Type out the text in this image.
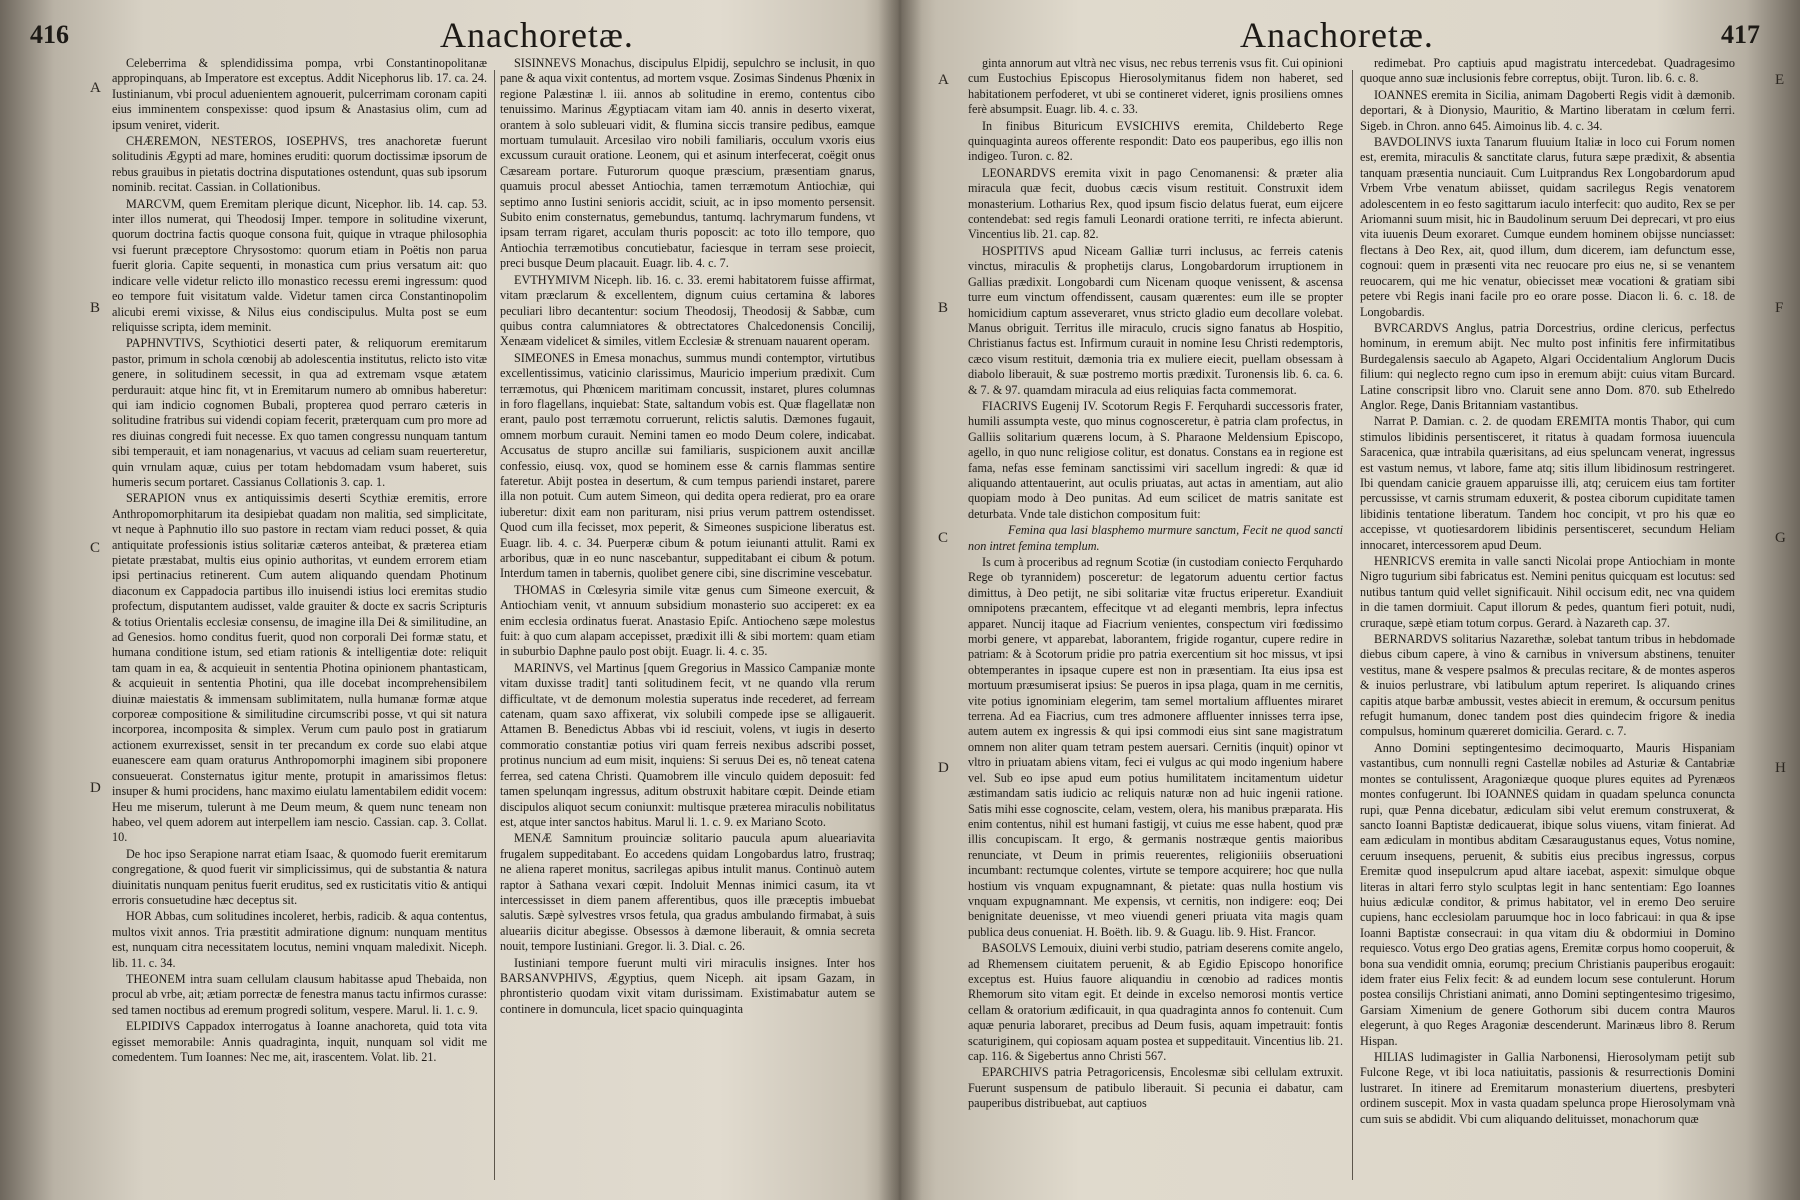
416	Anachoretæ.
A
B
C
D

Celeberrima & splendidissima pompa, vrbi Constantinopolitanæ appropinquans, ab Imperatore est exceptus. Addit Nicephorus lib. 17. ca. 24. Iustinianum, vbi procul aduenientem agnouerit, pulcerrimam coronam capiti eius imminentem conspexisse: quod ipsum & Anastasius olim, cum ad ipsum veniret, viderit.

CHÆREMON, NESTEROS, IOSEPHVS, tres anachoretæ fuerunt solitudinis Ægypti ad mare, homines eruditi: quorum doctissimæ ipsorum de rebus grauibus in pietatis doctrina disputationes ostendunt, quas sub ipsorum nominib. recitat. Cassian. in Collationibus.

MARCVM, quem Eremitam plerique dicunt, Nicephor. lib. 14. cap. 53. inter illos numerat, qui Theodosij Imper. tempore in solitudine vixerunt, quorum doctrina factis quoque consona fuit, quique in vtraque philosophia vsi fuerunt præceptore Chrysostomo: quorum etiam in Poëtis non parua fuerit gloria. Capite sequenti, in monastica cum prius versatum ait: quo indicare velle videtur relicto illo monastico recessu eremi ingressum: quod eo tempore fuit visitatum valde. Videtur tamen circa Constantinopolim alicubi eremi vixisse, & Nilus eius condiscipulus. Multa post se eum reliquisse scripta, idem meminit.

PAPHNVTIVS, Scythiotici deserti pater, & reliquorum eremitarum pastor, primum in schola cœnobij ab adolescentia institutus, relicto isto vitæ genere, in solitudinem secessit, in qua ad extremam vsque ætatem perdurauit: atque hinc fit, vt in Eremitarum numero ab omnibus haberetur: qui iam indicio cognomen Bubali, propterea quod perraro cæteris in solitudine fratribus sui videndi copiam fecerit, præterquam cum pro more ad res diuinas congredi fuit necesse. Ex quo tamen congressu nunquam tantum sibi temperauit, et iam nonagenarius, vt vacuus ad celiam suam reuerteretur, quin vrnulam aquæ, cuius per totam hebdomadam vsum haberet, suis humeris secum portaret. Cassianus Collationis 3. cap. 1.

SERAPION vnus ex antiquissimis deserti Scythiæ eremitis, errore Anthropomorphitarum ita desipiebat quadam non malitia, sed simplicitate, vt neque à Paphnutio illo suo pastore in rectam viam reduci posset, & quia antiquitate professionis istius solitariæ cæteros anteibat, & præterea etiam pietate præstabat, multis eius opinio authoritas, vt eundem errorem etiam ipsi pertinacius retinerent. Cum autem aliquando quendam Photinum diaconum ex Cappadocia partibus illo inuisendi istius loci eremitas studio profectum, disputantem audisset, valde grauiter & docte ex sacris Scripturis & totius Orientalis ecclesiæ consensu, de imagine illa Dei & similitudine, an ad Genesios. homo conditus fuerit, quod non corporali Dei formæ statu, et humana conditione istum, sed etiam rationis & intelligentiæ dote: reliquit tam quam in ea, & acquieuit in sententia Photina opinionem phantasticam, & acquieuit in sententia Photini, qua ille docebat incomprehensibilem diuinæ maiestatis & immensam sublimitatem, nulla humanæ formæ atque corporeæ compositione & similitudine circumscribi posse, vt qui sit natura incorporea, incomposita & simplex. Verum cum paulo post in gratiarum actionem exurrexisset, sensit in ter precandum ex corde suo elabi atque euanescere eam quam oraturus Anthropomorphi imaginem sibi proponere consueuerat. Consternatus igitur mente, protupit in amarissimos fletus: insuper & humi procidens, hanc maximo eiulatu lamentabilem edidit vocem: Heu me miserum, tulerunt à me Deum meum, & quem nunc teneam non habeo, vel quem adorem aut interpellem iam nescio. Cassian. cap. 3. Collat. 10.

De hoc ipso Serapione narrat etiam Isaac, & quomodo fuerit eremitarum congregatione, & quod fuerit vir simplicissimus, qui de substantia & natura diuinitatis nunquam penitus fuerit eruditus, sed ex rusticitatis vitio & antiqui erroris consuetudine hæc deceptus sit.

HOR Abbas, cum solitudines incoleret, herbis, radicib. & aqua contentus, multos vixit annos. Tria præstitit admiratione dignum: nunquam mentitus est, nunquam citra necessitatem locutus, nemini vnquam maledixit. Niceph. lib. 11. c. 34.

THEONEM intra suam cellulam clausum habitasse apud Thebaida, non procul ab vrbe, ait; ætiam porrectæ de fenestra manus tactu infirmos curasse: sed tamen noctibus ad eremum progredi solitum, vespere. Marul. li. 1. c. 9.

ELPIDIVS Cappadox interrogatus à Ioanne anachoreta, quid tota vita egisset memorabile: Annis quadraginta, inquit, nunquam sol vidit me comedentem. Tum Ioannes: Nec me, ait, irascentem. Volat. lib. 21.

SISINNEVS Monachus, discipulus Elpidij, sepulchro se inclusit, in quo pane & aqua vixit contentus, ad mortem vsque. Zosimas Sindenus Phœnix in regione Palæstinæ l. iii. annos ab solitudine in eremo, contentus cibo tenuissimo. Marinus Ægyptiacam vitam iam 40. annis in deserto vixerat, orantem à solo subleuari vidit, & flumina siccis transire pedibus, eamque mortuam tumulauit. Arcesilao viro nobili familiaris, occulum vxoris eius excussum curauit oratione. Leonem, qui et asinum interfecerat, coëgit onus Cæsaream portare. Futurorum quoque præscium, præsentiam gnarus, quamuis procul abesset Antiochia, tamen terræmotum Antiochiæ, qui septimo anno Iustini senioris accidit, sciuit, ac in ipso momento persensit. Subito enim consternatus, gemebundus, tantumq. lachrymarum fundens, vt ipsam terram rigaret, acculam thuris poposcit: ac toto illo tempore, quo Antiochia terræmotibus concutiebatur, faciesque in terram sese proiecit, preci busque Deum placauit. Euagr. lib. 4. c. 7.

EVTHYMIVM Niceph. lib. 16. c. 33. eremi habitatorem fuisse affirmat, vitam præclarum & excellentem, dignum cuius certamina & labores peculiari libro decantentur: socium Theodosij, Theodosij & Sabbæ, cum quibus contra calumniatores & obtrectatores Chalcedonensis Concilij, Xenæam videlicet & similes, vitlem Ecclesiæ & strenuam nauarent operam.

SIMEONES in Emesa monachus, summus mundi contemptor, virtutibus excellentissimus, vaticinio clarissimus, Mauricio imperium prædixit. Cum terræmotus, qui Phœnicem maritimam concussit, instaret, plures columnas in foro flagellans, inquiebat: State, saltandum vobis est. Quæ flagellatæ non erant, paulo post terræmotu corruerunt, relictis salutis. Dæmones fugauit, omnem morbum curauit. Nemini tamen eo modo Deum colere, indicabat. Accusatus de stupro ancillæ sui familiaris, suspicionem auxit ancillæ confessio, eiusq. vox, quod se hominem esse & carnis flammas sentire fateretur. Abijt postea in desertum, & cum tempus pariendi instaret, parere illa non potuit. Cum autem Simeon, qui dedita opera redierat, pro ea orare iuberetur: dixit eam non parituram, nisi prius verum pattrem ostendisset. Quod cum illa fecisset, mox peperit, & Simeones suspicione liberatus est. Euagr. lib. 4. c. 34. Puerperæ cibum & potum ieiunanti attulit. Rami ex arboribus, quæ in eo nunc nascebantur, suppeditabant ei cibum & potum. Interdum tamen in tabernis, quolibet genere cibi, sine discrimine vescebatur.

THOMAS in Cœlesyria simile vitæ genus cum Simeone exercuit, & Antiochiam venit, vt annuum subsidium monasterio suo acciperet: ex ea enim ecclesia ordinatus fuerat. Anastasio Epiſc. Antiocheno sæpe molestus fuit: à quo cum alapam accepisset, prædixit illi & sibi mortem: quam etiam in suburbio Daphne paulo post obijt. Euagr. li. 4. c. 35.

MARINVS, vel Martinus [quem Gregorius in Massico Campaniæ monte vitam duxisse tradit] tanti solitudinem fecit, vt ne quando vlla rerum difficultate, vt de demonum molestia superatus inde recederet, ad ferream catenam, quam saxo affixerat, vix solubili compede ipse se alligauerit. Attamen B. Benedictus Abbas vbi id resciuit, volens, vt iugis in deserto commoratio constantiæ potius viri quam ferreis nexibus adscribi posset, protinus nuncium ad eum misit, inquiens: Si seruus Dei es, nõ teneat catena ferrea, sed catena Christi. Quamobrem ille vinculo quidem deposuit: fed tamen spelunqam ingressus, aditum obstruxit habitare cœpit. Deinde etiam discipulos aliquot secum coniunxit: multisque præterea miraculis nobilitatus est, atque inter sanctos habitus. Marul li. 1. c. 9. ex Mariano Scoto.

MENÆ Samnitum prouinciæ solitario paucula apum alueariavita frugalem suppeditabant. Eo accedens quidam Longobardus latro, frustraq; ne aliena raperet monitus, sacrilegas apibus intulit manus. Continuò autem raptor à Sathana vexari cœpit. Indoluit Mennas inimici casum, ita vt intercessisset in diem panem afferentibus, quos ille præceptis imbuebat salutis. Sæpè sylvestres vrsos fetula, qua gradus ambulando firmabat, à suis alueariis dicitur abegisse. Obsessos à dæmone liberauit, & omnia secreta nouit, tempore Iustiniani. Gregor. li. 3. Dial. c. 26.

Iustiniani tempore fuerunt multi viri miraculis insignes. Inter hos BARSANVPHIVS, Ægyptius, quem Niceph. ait ipsam Gazam, in phrontisterio quodam vixit vitam durissimam. Existimabatur autem se continere in domuncula, licet spacio quinquaginta

Anachoretæ.	417
A
B
C
D
E
F
G
H

ginta annorum aut vltrà nec visus, nec rebus terrenis vsus fit. Cui opinioni cum Eustochius Episcopus Hierosolymitanus fidem non haberet, sed habitationem perfoderet, vt ubi se contineret videret, ignis prosiliens omnes ferè absumpsit. Euagr. lib. 4. c. 33.

In finibus Bituricum EVSICHIVS eremita, Childeberto Rege quinquaginta aureos offerente respondit: Dato eos pauperibus, ego illis non indigeo. Turon. c. 82.

LEONARDVS eremita vixit in pago Cenomanensi: & præter alia miracula quæ fecit, duobus cæcis visum restituit. Construxit idem monasterium. Lotharius Rex, quod ipsum fiscio delatus fuerat, eum eijcere contendebat: sed regis famuli Leonardi oratione territi, re infecta abierunt. Vincentius lib. 21. cap. 82.

HOSPITIVS apud Niceam Galliæ turri inclusus, ac ferreis catenis vinctus, miraculis & prophetijs clarus, Longobardorum irruptionem in Gallias prædixit. Longobardi cum Nicenam quoque venissent, & ascensa turre eum vinctum offendissent, causam quærentes: eum ille se propter homicidium captum asseveraret, vnus stricto gladio eum decollare volebat. Manus obriguit. Territus ille miraculo, crucis signo fanatus ab Hospitio, Christianus factus est. Infirmum curauit in nomine Iesu Christi redemptoris, cæco visum restituit, dæmonia tria ex muliere eiecit, puellam obsessam à diabolo liberauit, & suæ postremo mortis prædixit. Turonensis lib. 6. ca. 6. & 7. & 97. quamdam miracula ad eius reliquias facta commemorat.

FIACRIVS Eugenij IV. Scotorum Regis F. Ferquhardi successoris frater, humili assumpta veste, quo minus cognosceretur, è patria clam profectus, in Galliis solitarium quærens locum, à S. Pharaone Meldensium Episcopo, agello, in quo nunc religiose colitur, est donatus. Constans ea in regione est fama, nefas esse feminam sanctissimi viri sacellum ingredi: & quæ id aliquando attentauerint, aut oculis priuatas, aut actas in amentiam, aut alio quopiam modo à Deo punitas. Ad eum scilicet de matris sanitate est deturbata. Vnde tale distichon compositum fuit:

Femina qua lasi blasphemo murmure sanctum, Fecit ne quod sancti non intret femina templum.

Is cum à proceribus ad regnum Scotiæ (in custodiam coniecto Ferquhardo Rege ob tyrannidem) posceretur: de legatorum aduentu certior factus dimittus, à Deo petijt, ne sibi solitariæ vitæ fructus eriperetur. Exandiuit omnipotens præcantem, effecitque vt ad eleganti membris, lepra infectus apparet. Nuncij itaque ad Fiacrium venientes, conspectum viri fœdissimo morbi genere, vt apparebat, laborantem, frigide rogantur, cupere redire in patriam: & à Scotorum pridie pro patria exercentium sit hoc missus, vt ipsi obtemperantes in ipsaque cupere est non in præsentiam. Ita eius ipsa est mortuum præsumiserat ipsius: Se pueros in ipsa plaga, quam in me cernitis, vite potius ignominiam elegerim, tam semel mortalium affluentes miraret terrena. Ad ea Fiacrius, cum tres admonere affluenter innisses terra ipse, autem autem ex ingressis & qui ipsi commodi eius sint sane magistratum omnem non aliter quam tetram pestem auersari. Cernitis (inquit) opinor vt vltro in priuatam abiens vitam, feci ei vulgus ac qui modo ingenium habere vel. Sub eo ipse apud eum potius humilitatem incitamentum uidetur æstimandam satis iudicio ac reliquis naturæ non ad huic ingenii ratione. Satis mihi esse cognoscite, celam, vestem, olera, his manibus præparata. His enim contentus, nihil est humani fastigij, vt cuius me esse habent, quod præ illis concupiscam. It ergo, & germanis nostræque gentis maioribus renunciate, vt Deum in primis reuerentes, religioniiis obseruationi incumbant: rectumque colentes, virtute se tempore acquirere; hoc que nulla hostium vis vnquam expugnamnant, & pietate: quas nulla hostium vis vnquam expugnamnant. Me expensis, vt cernitis, non indigere: eoq; Dei benignitate deuenisse, vt meo viuendi generi priuata vita magis quam publica deus conueniat. H. Boëth. lib. 9. & Guagu. lib. 9. Hist. Francor.

BASOLVS Lemouix, diuini verbi studio, patriam deserens comite angelo, ad Rhemensem ciuitatem peruenit, & ab Egidio Episcopo honorifice exceptus est. Huius fauore aliquandiu in cœnobio ad radices montis Rhemorum sito vitam egit. Et deinde in excelso nemorosi montis vertice cellam & oratorium ædificauit, in qua quadraginta annos fo contenuit. Cum aquæ penuria laboraret, precibus ad Deum fusis, aquam impetrauit: fontis scaturiginem, qui copiosam aquam postea et suppeditauit. Vincentius lib. 21. cap. 116. & Sigebertus anno Christi 567.

EPARCHIVS patria Petragoricensis, Encolesmæ sibi cellulam extruxit. Fuerunt suspensum de patibulo liberauit. Si pecunia ei dabatur, cam pauperibus distribuebat, aut captiuos

redimebat. Pro captiuis apud magistratu intercedebat. Quadragesimo quoque anno suæ inclusionis febre correptus, obijt. Turon. lib. 6. c. 8.

IOANNES eremita in Sicilia, animam Dagoberti Regis vidit à dæmonib. deportari, & à Dionysio, Mauritio, & Martino liberatam in cœlum ferri. Sigeb. in Chron. anno 645. Aimoinus lib. 4. c. 34.

BAVDOLINVS iuxta Tanarum fluuium Italiæ in loco cui Forum nomen est, eremita, miraculis & sanctitate clarus, futura sæpe prædixit, & absentia tanquam præsentia nunciauit. Cum Luitprandus Rex Longobardorum apud Vrbem Vrbe venatum abiisset, quidam sacrilegus Regis venatorem adolescentem in eo festo sagittarum iaculo interfecit: quo audito, Rex se per Ariomanni suum misit, hic in Baudolinum seruum Dei deprecari, vt pro eius vita iuuenis Deum exoraret. Cumque eundem hominem obijsse nunciasset: flectans à Deo Rex, ait, quod illum, dum dicerem, iam defunctum esse, cognoui: quem in præsenti vita nec reuocare pro eius ne, si se venantem reuocarem, qui me hic venatur, obiecisset meæ vocationi & gratiam sibi petere vbi Regis inani facile pro eo orare posse. Diacon li. 6. c. 18. de Longobardis.

BVRCARDVS Anglus, patria Dorcestrius, ordine clericus, perfectus hominum, in eremum abijt. Nec multo post infinitis fere infirmitatibus Burdegalensis saeculo ab Agapeto, Algari Occidentalium Anglorum Ducis filium: qui neglecto regno cum ipso in eremum abijt: cuius vitam Burcard. Latine conscripsit libro vno. Claruit sene anno Dom. 870. sub Ethelredo Anglor. Rege, Danis Britanniam vastantibus.

Narrat P. Damian. c. 2. de quodam EREMITA montis Thabor, qui cum stimulos libidinis persentisceret, it ritatus à quadam formosa iuuencula Saracenica, quæ intrabila quærisitans, ad eius speluncam venerat, ingressus est vastum nemus, vt labore, fame atq; sitis illum libidinosum restringeret. Ibi quendam canicie grauem apparuisse illi, atq; ceruicem eius tam fortiter percussisse, vt carnis strumam eduxerit, & postea ciborum cupiditate tamen libidinis tentatione liberatum. Tandem hoc concipit, vt pro his quæ eo accepisse, vt quotiesardorem libidinis persentisceret, secundum Heliam innocaret, intercessorem apud Deum.

HENRICVS eremita in valle sancti Nicolai prope Antiochiam in monte Nigro tugurium sibi fabricatus est. Nemini penitus quicquam est locutus: sed nutibus tantum quid vellet significauit. Nihil occisum edit, nec vna quidem in die tamen dormiuit. Caput illorum & pedes, quantum fieri potuit, nudi, cruraque, sæpè etiam totum corpus. Gerard. à Nazareth cap. 37.

BERNARDVS solitarius Nazarethæ, solebat tantum tribus in hebdomade diebus cibum capere, à vino & carnibus in vniversum abstinens, tenuiter vestitus, mane & vespere psalmos & preculas recitare, & de montes asperos & inuios perlustrare, vbi latibulum aptum reperiret. Is aliquando crines capitis atque barbæ ambussit, vestes abiecit in eremum, & occursum penitus refugit humanum, donec tandem post dies quindecim frigore & inedia compulsus, hominum quæreret domicilia. Gerard. c. 7.

Anno Domini septingentesimo decimoquarto, Mauris Hispaniam vastantibus, cum nonnulli regni Castellæ nobiles ad Asturiæ & Cantabriæ montes se contulissent, Aragoniæque quoque plures equites ad Pyrenæos montes confugerunt. Ibi IOANNES quidam in quadam spelunca conuncta rupi, quæ Penna dicebatur, ædiculam sibi velut eremum construxerat, & sancto Ioanni Baptistæ dedicauerat, ibique solus viuens, vitam finierat. Ad eam ædiculam in montibus abditam Cæsaraugustanus eques, Votus nomine, ceruum insequens, peruenit, & subitis eius precibus ingressus, corpus Eremitæ quod insepulcrum apud altare iacebat, aspexit: simulque obque literas in altari ferro stylo sculptas legit in hanc sententiam: Ego Ioannes huius ædiculæ conditor, & primus habitator, vel in eremo Deo seruire cupiens, hanc ecclesiolam paruumque hoc in loco fabricaui: in qua & ipse Ioanni Baptistæ consecraui: in qua vitam diu & obdormiui in Domino requiesco. Votus ergo Deo gratias agens, Eremitæ corpus homo cooperuit, & bona sua vendidit omnia, eorumq; precium Christianis pauperibus erogauit: idem frater eius Felix fecit: & ad eundem locum sese contulerunt. Horum postea consilijs Christiani animati, anno Domini septingentesimo trigesimo, Garsiam Ximenium de genere Gothorum sibi ducem contra Mauros elegerunt, à quo Reges Aragoniæ descenderunt. Marinæus libro 8. Rerum Hispan.

HILIAS ludimagister in Gallia Narbonensi, Hierosolymam petijt sub Fulcone Rege, vt ibi loca natiuitatis, passionis & resurrectionis Domini lustraret. In itinere ad Eremitarum monasterium diuertens, presbyteri ordinem suscepit. Mox in vasta quadam spelunca prope Hierosolymam vnà cum suis se abdidit. Vbi cum aliquando delituisset, monachorum quæ
